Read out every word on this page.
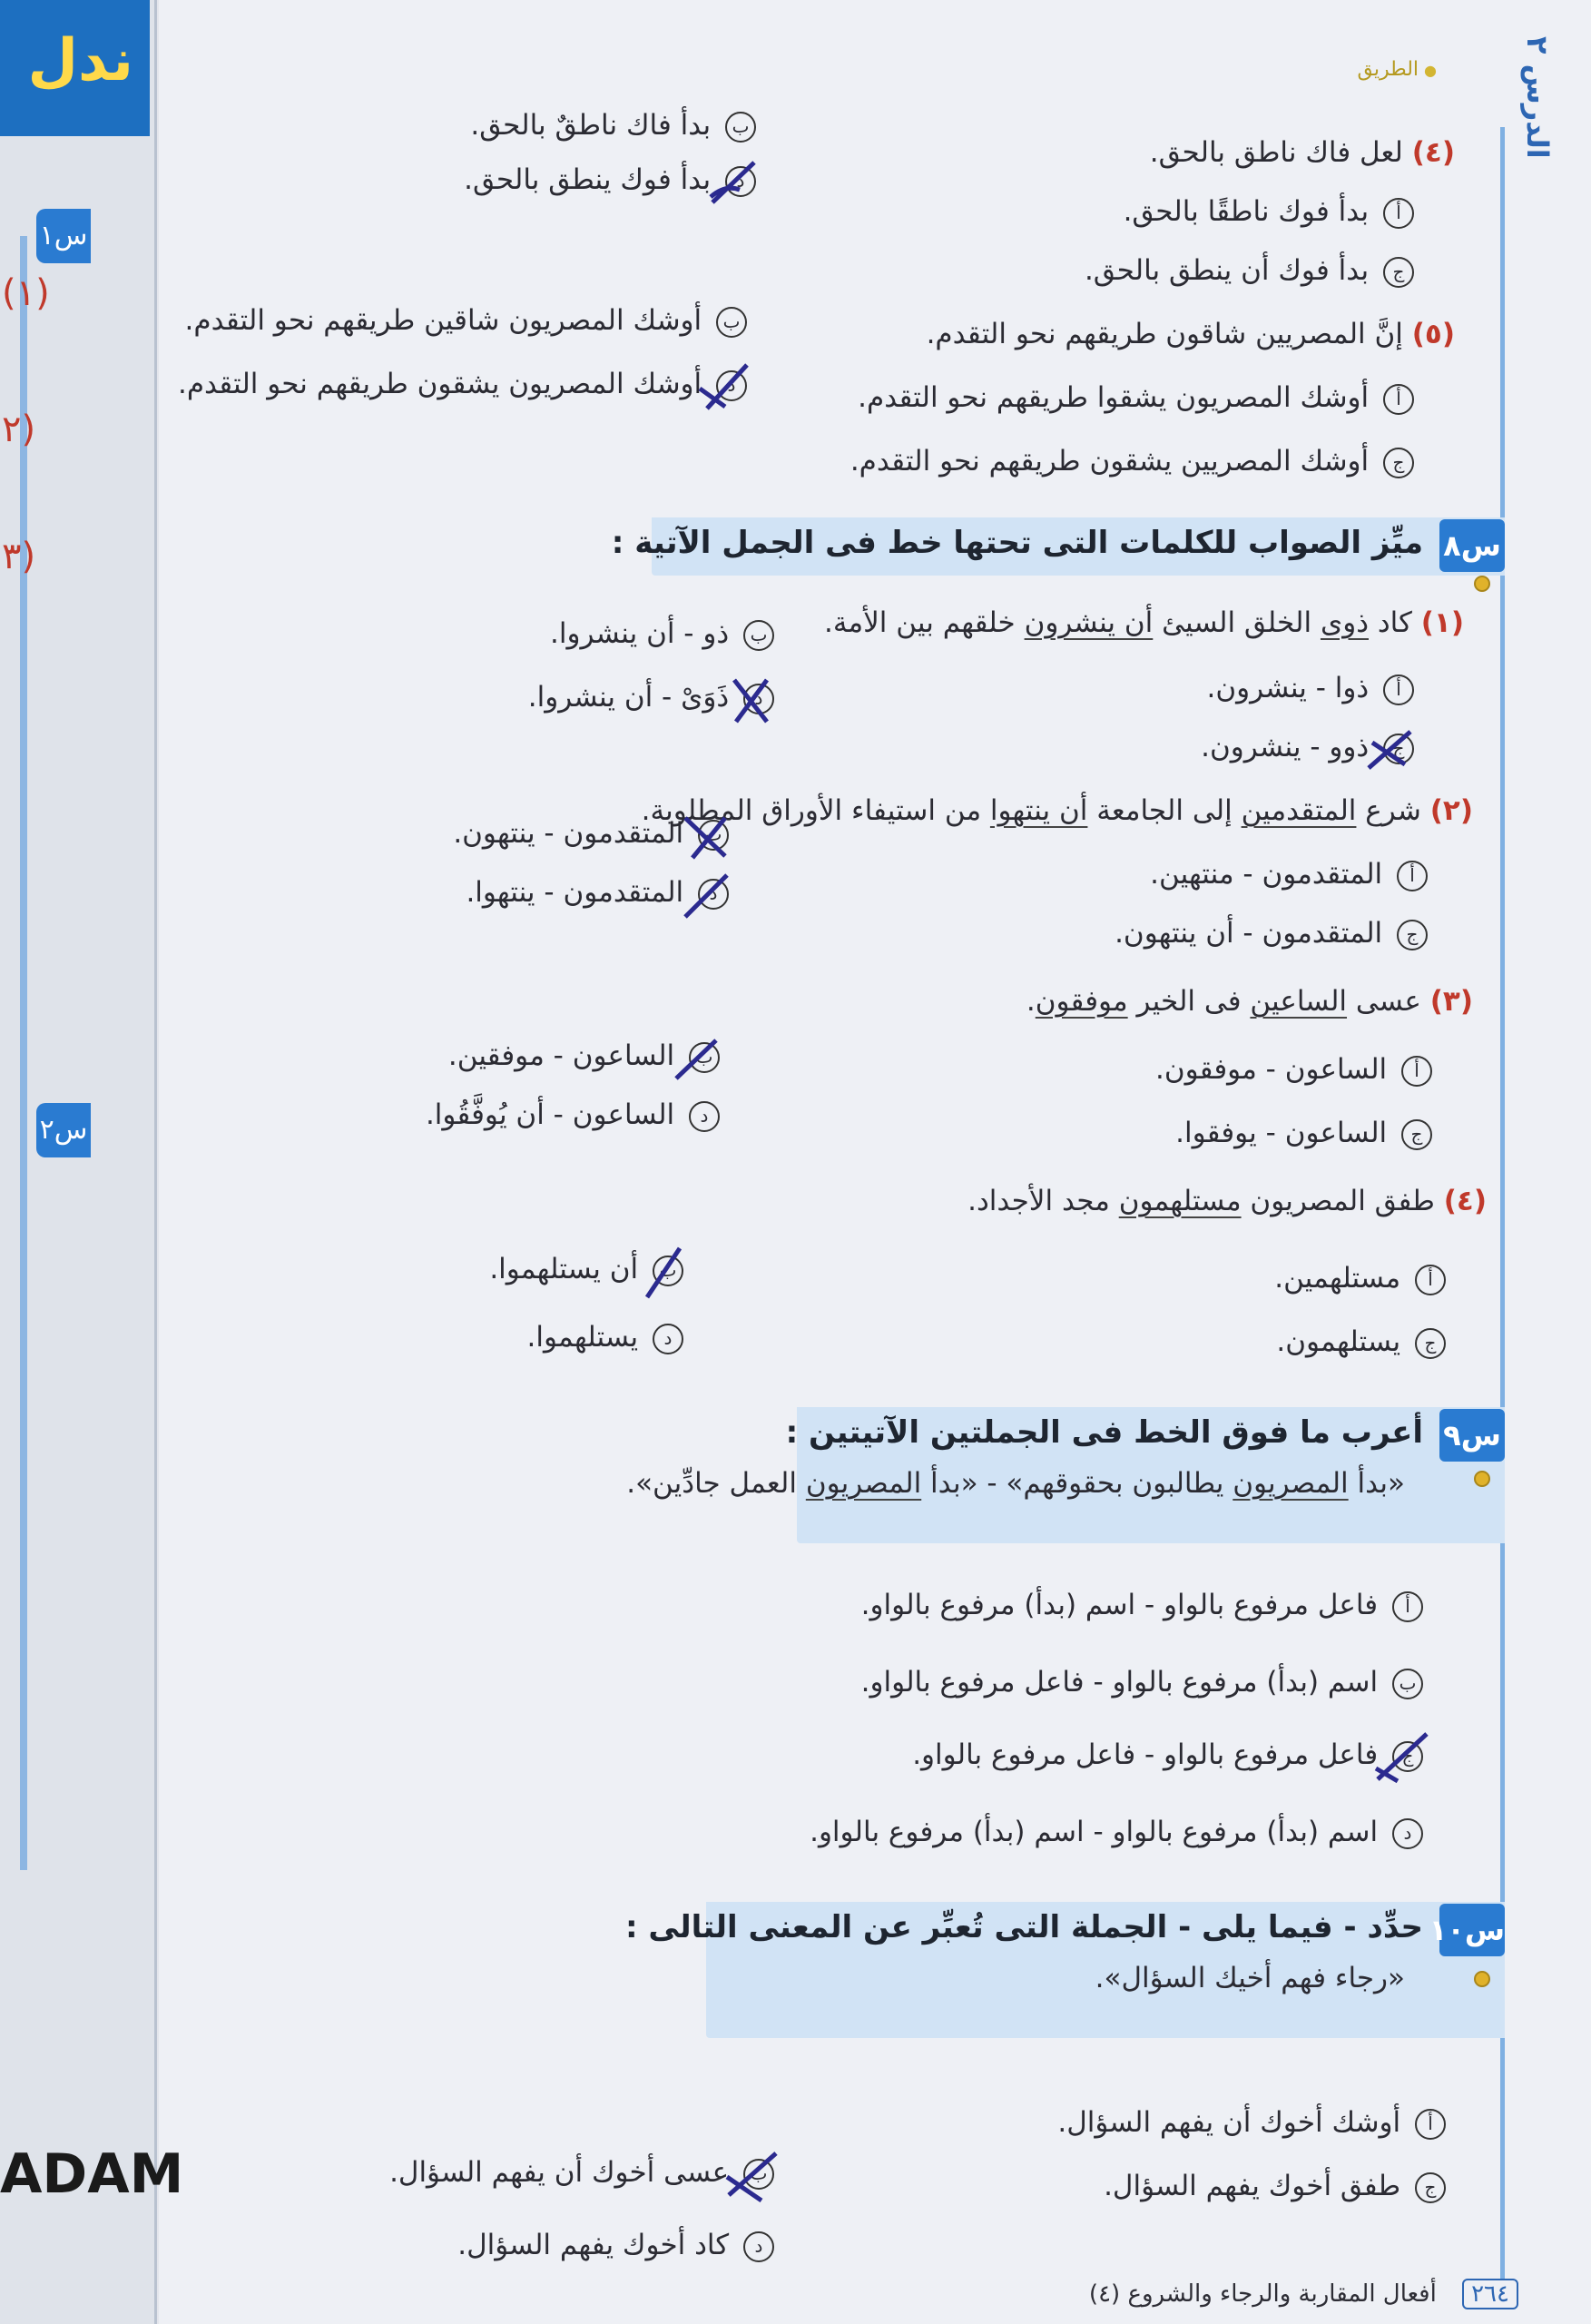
ندل
س١
(١)
٢)
٣)
س٢
الدرس ٢
● الطريق
(٤) لعل فاك ناطق بالحق.
ب بدأ فاك ناطقٌ بالحق.
أ بدأ فوك ناطقًا بالحق.
د
بدأ فوك ينطق بالحق.
ج بدأ فوك أن ينطق بالحق.
(٥) إنَّ المصريين شاقون طريقهم نحو التقدم.
ب أوشك المصريون شاقين طريقهم نحو التقدم.
أ أوشك المصريون يشقوا طريقهم نحو التقدم.
د
أوشك المصريون يشقون طريقهم نحو التقدم.
ج أوشك المصريين يشقون طريقهم نحو التقدم.
س٨
ميِّز الصواب للكلمات التى تحتها خط فى الجمل الآتية :
(١) كاد ذوى الخلق السيئ أن ينشرون خلقهم بين الأمة.
أ ذوا - ينشرون.
ب ذو - أن ينشروا.
ج
ذوو - ينشرون.
د
ذَوَىْ - أن ينشروا.
(٢) شرع المتقدمين إلى الجامعة أن ينتهوا من استيفاء الأوراق المطلوبة.
أ المتقدمون - منتهين.
ب
المتقدمون - ينتهون.
ج المتقدمون - أن ينتهون.
د
المتقدمون - ينتهوا.
(٣) عسى الساعين فى الخير موفقون.
أ الساعون - موفقون.
ب
الساعون - موفقين.
ج الساعون - يوفقوا.
د الساعون - أن يُوفَّقُوا.
(٤) طفق المصريون مستلهمون مجد الأجداد.
أ مستلهمين.
ب
أن يستلهموا.
ج يستلهمون.
د يستلهموا.
س٩
أعرب ما فوق الخط فى الجملتين الآتيتين :
«بدأ المصريون يطالبون بحقوقهم» - «بدأ المصريون العمل جادِّين».
أ فاعل مرفوع بالواو - اسم (بدأ) مرفوع بالواو.
ب اسم (بدأ) مرفوع بالواو - فاعل مرفوع بالواو.
ج
فاعل مرفوع بالواو - فاعل مرفوع بالواو.
د اسم (بدأ) مرفوع بالواو - اسم (بدأ) مرفوع بالواو.
س١٠
حدِّد - فيما يلى - الجملة التى تُعبِّر عن المعنى التالى :
«رجاء فهم أخيك السؤال».
أ أوشك أخوك أن يفهم السؤال.
ب
عسى أخوك أن يفهم السؤال.	ج طفق أخوك يفهم السؤال.
د كاد أخوك يفهم السؤال.
٢٦٤ أفعال المقاربة والرجاء والشروع (٤)
ADAM
